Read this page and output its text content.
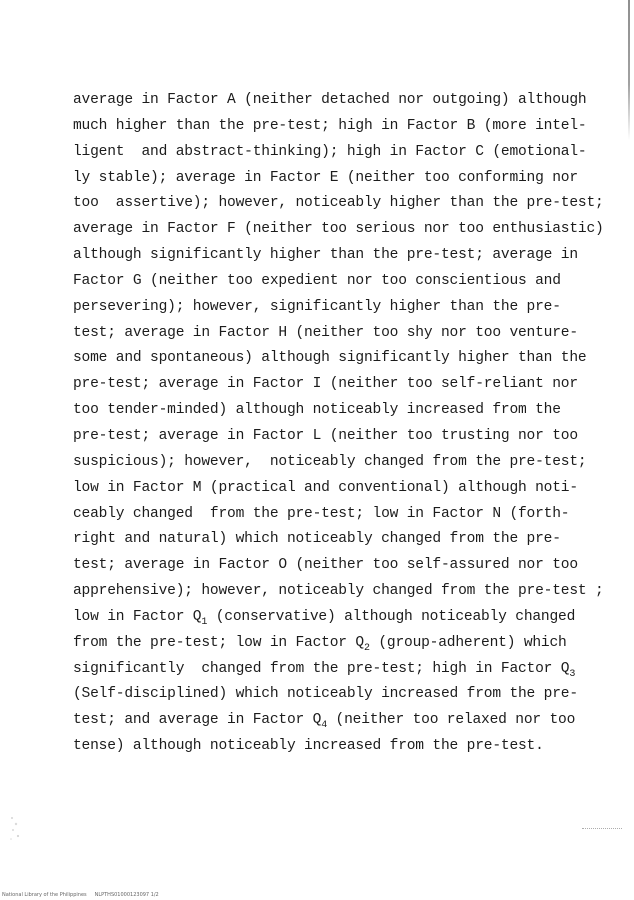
average in Factor A (neither detached nor outgoing) although
much higher than the pre-test; high in Factor B (more intel-
ligent  and abstract-thinking); high in Factor C (emotional-
ly stable); average in Factor E (neither too conforming nor
too  assertive); however, noticeably higher than the pre-test;
average in Factor F (neither too serious nor too enthusiastic)
although significantly higher than the pre-test; average in
Factor G (neither too expedient nor too conscientious and
persevering); however, significantly higher than the pre-
test; average in Factor H (neither too shy nor too venture-
some and spontaneous) although significantly higher than the
pre-test; average in Factor I (neither too self-reliant nor
too tender-minded) although noticeably increased from the
pre-test; average in Factor L (neither too trusting nor too
suspicious); however,  noticeably changed from the pre-test;
low in Factor M (practical and conventional) although noti-
ceably changed  from the pre-test; low in Factor N (forth-
right and natural) which noticeably changed from the pre-
test; average in Factor O (neither too self-assured nor too
apprehensive); however, noticeably changed from the pre-test ;
low in Factor $Q_1$ (conservative) although noticeably changed
from the pre-test; low in Factor $Q_2$ (group-adherent) which
significantly  changed from the pre-test; high in Factor $Q_3$
(Self-disciplined) which noticeably increased from the pre-
test; and average in Factor $Q_4$ (neither too relaxed nor too
tense) although noticeably increased from the pre-test.
National Library of the Philippines     NLPTHS01000123097 1/2
